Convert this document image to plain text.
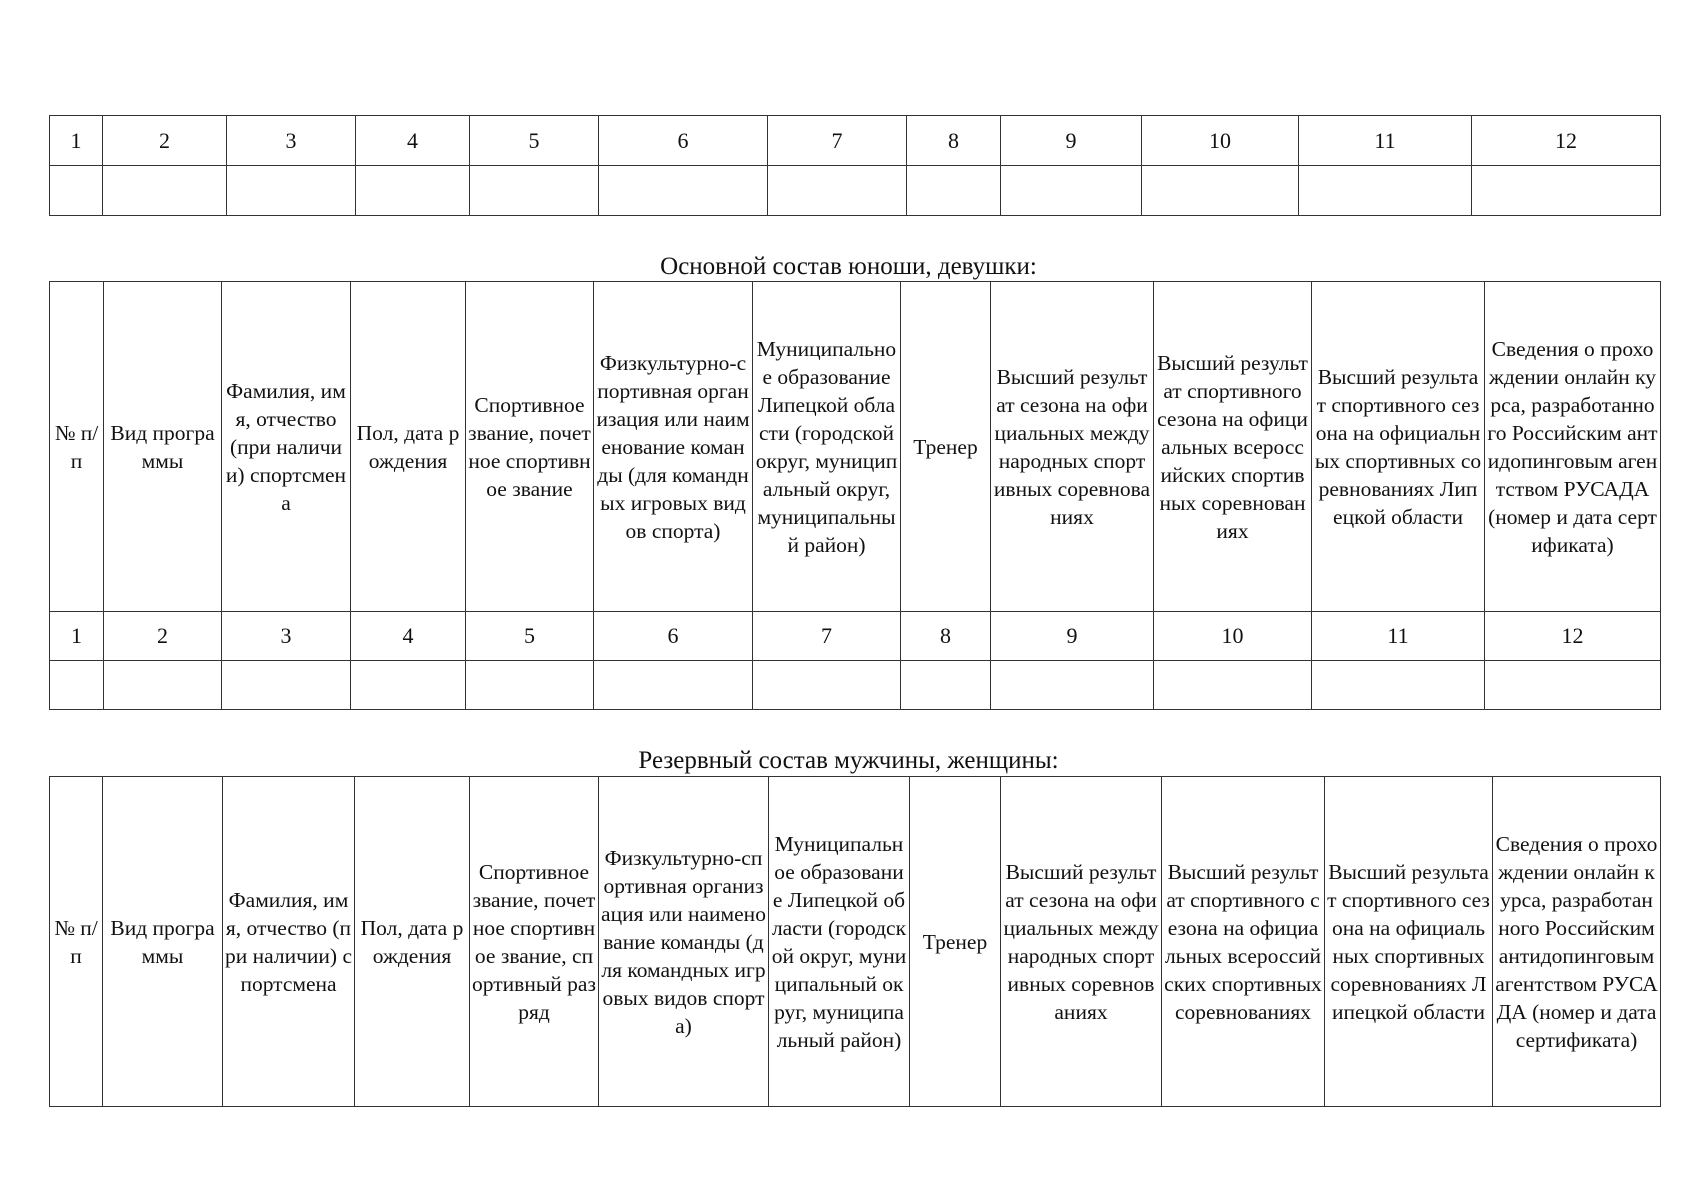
1	2	3	4	5	6	7	8	9	10	11	12

Основной состав юноши, девушки:
№ п/п	Вид программы	Фамилия, имя, отчество (при наличии) спортсмена	Пол, дата рождения	Спортивное звание, почетное спортивное звание	Физкультурно-спортивная организация или наименование команды (для командных игровых видов спорта)	Муниципальное образование Липецкой области (городской округ, муниципальный округ, муниципальный район)	Тренер	Высший результат сезона на официальных международных спортивных соревнованиях	Высший результат спортивного сезона на официальных всероссийских спортивных соревнованиях	Высший результат спортивного сезона на официальных спортивных соревнованиях Липецкой области	Сведения о прохождении онлайн курса, разработанного Российским антидопинговым агентством РУСАДА (номер и дата сертификата)
1	2	3	4	5	6	7	8	9	10	11	12

Резервный состав мужчины, женщины:
№ п/п	Вид программы	Фамилия, имя, отчество (при наличии) спортсмена	Пол, дата рождения	Спортивное звание, почетное спортивное звание, спортивный разряд	Физкультурно-спортивная организация или наименование команды (для командных игровых видов спорта)	Муниципальное образование Липецкой области (городской округ, муниципальный округ, муниципальный район)	Тренер	Высший результат сезона на официальных международных спортивных соревнованиях	Высший результат спортивного сезона на официальных всероссийских спортивных соревнованиях	Высший результат спортивного сезона на официальных спортивных соревнованиях Липецкой области	Сведения о прохождении онлайн курса, разработанного Российским антидопинговым агентством РУСАДА (номер и дата сертификата)
